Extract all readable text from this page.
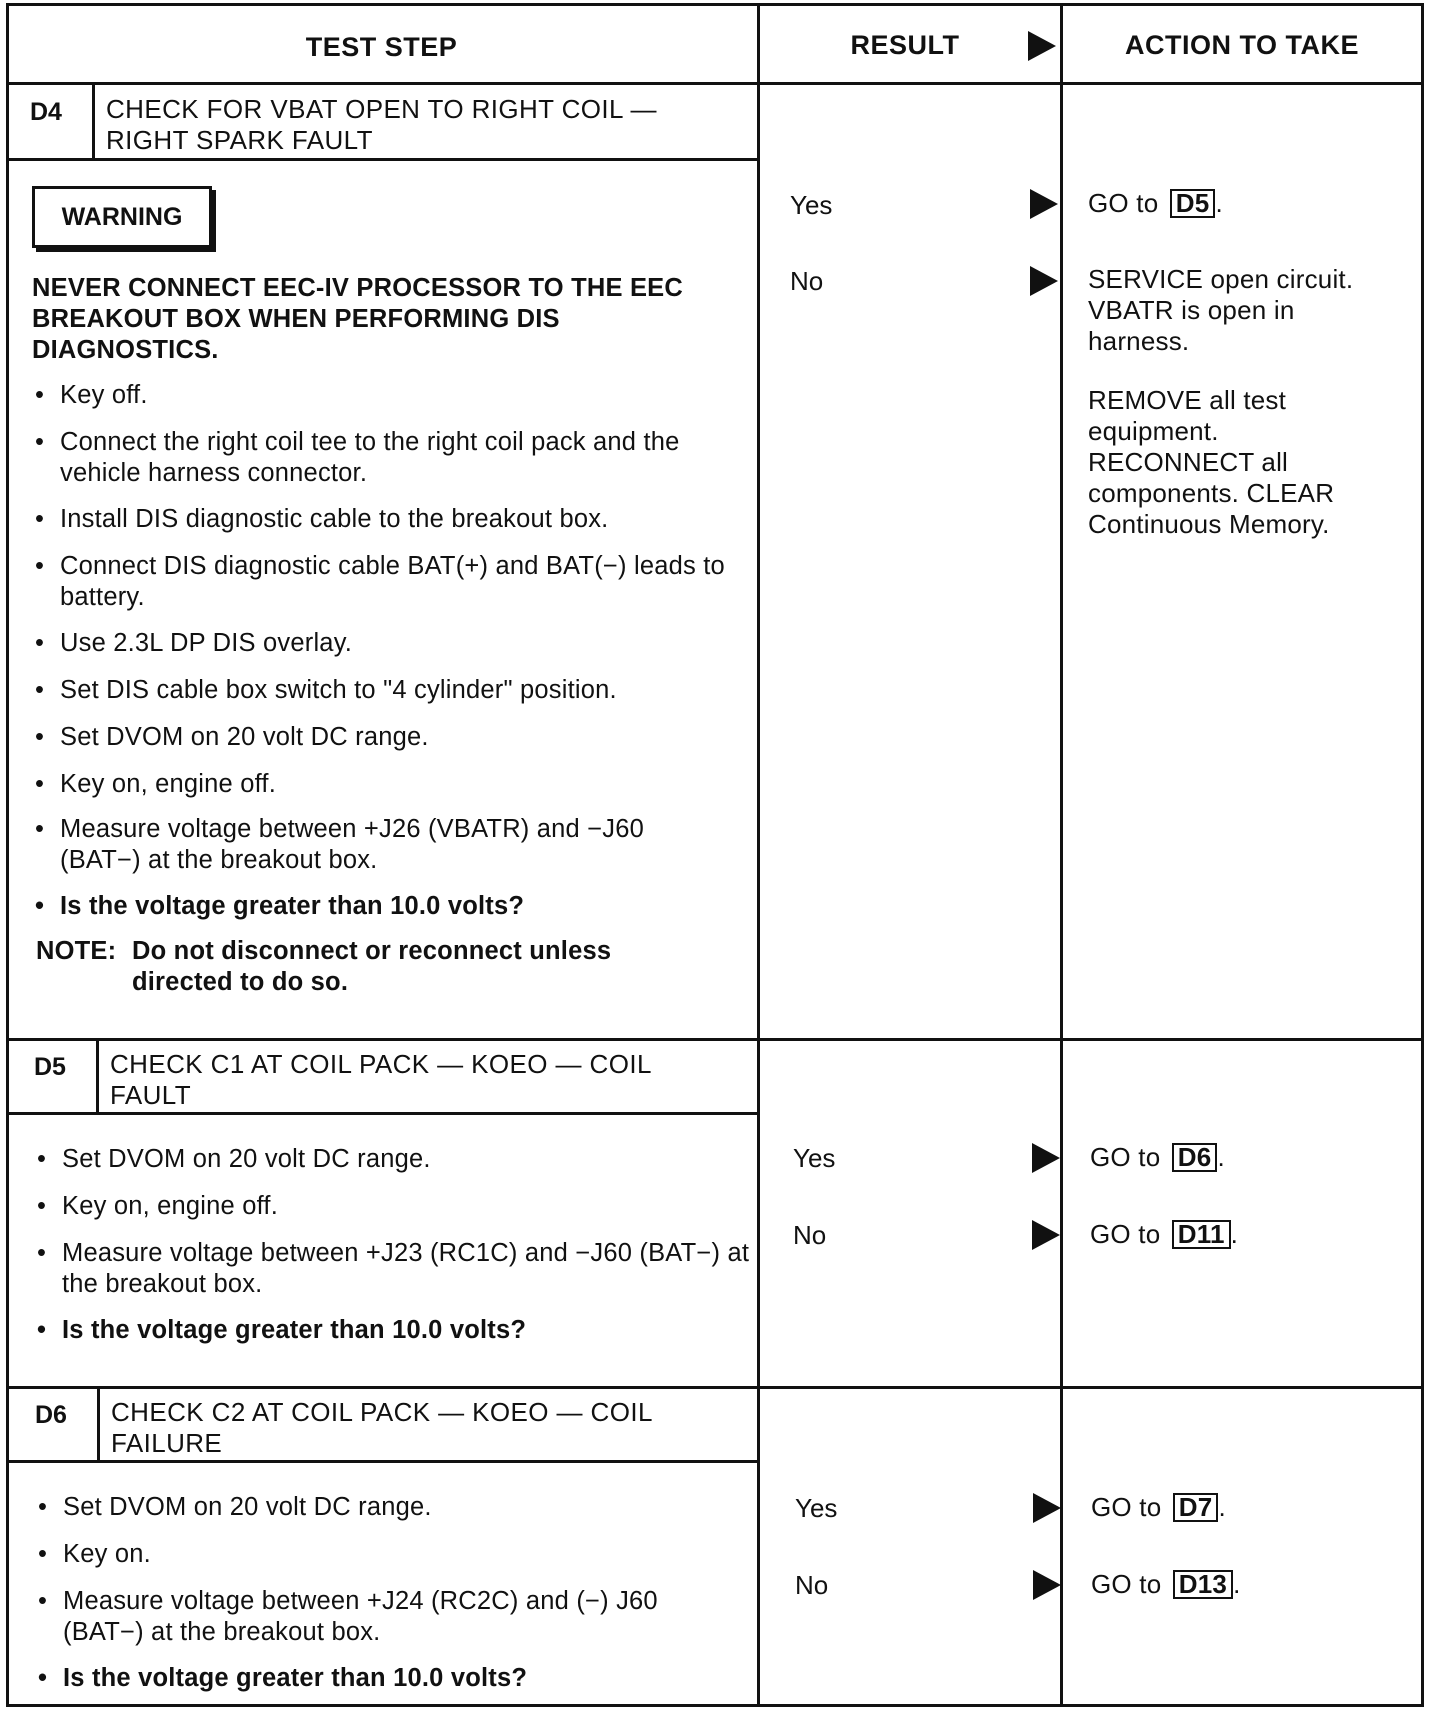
TEST STEP	RESULT	ACTION TO TAKE
D4 CHECK FOR VBAT OPEN TO RIGHT COIL — RIGHT SPARK FAULT
WARNING
NEVER CONNECT EEC-IV PROCESSOR TO THE EEC BREAKOUT BOX WHEN PERFORMING DIS DIAGNOSTICS.
• Key off.
• Connect the right coil tee to the right coil pack and the vehicle harness connector.
• Install DIS diagnostic cable to the breakout box.
• Connect DIS diagnostic cable BAT(+) and BAT(−) leads to battery.
• Use 2.3L DP DIS overlay.
• Set DIS cable box switch to "4 cylinder" position.
• Set DVOM on 20 volt DC range.
• Key on, engine off.
• Measure voltage between +J26 (VBATR) and −J60 (BAT−) at the breakout box.
• Is the voltage greater than 10.0 volts?
NOTE: Do not disconnect or reconnect unless directed to do so.
Yes	GO to D5 .
No	SERVICE open circuit. VBATR is open in harness.
REMOVE all test equipment. RECONNECT all components. CLEAR Continuous Memory.
D5 CHECK C1 AT COIL PACK — KOEO — COIL FAULT
• Set DVOM on 20 volt DC range.
• Key on, engine off.
• Measure voltage between +J23 (RC1C) and −J60 (BAT−) at the breakout box.
• Is the voltage greater than 10.0 volts?
Yes	GO to D6 .
No	GO to D11 .
D6 CHECK C2 AT COIL PACK — KOEO — COIL FAILURE
• Set DVOM on 20 volt DC range.
• Key on.
• Measure voltage between +J24 (RC2C) and (−) J60 (BAT−) at the breakout box.
• Is the voltage greater than 10.0 volts?
Yes	GO to D7 .
No	GO to D13 .
